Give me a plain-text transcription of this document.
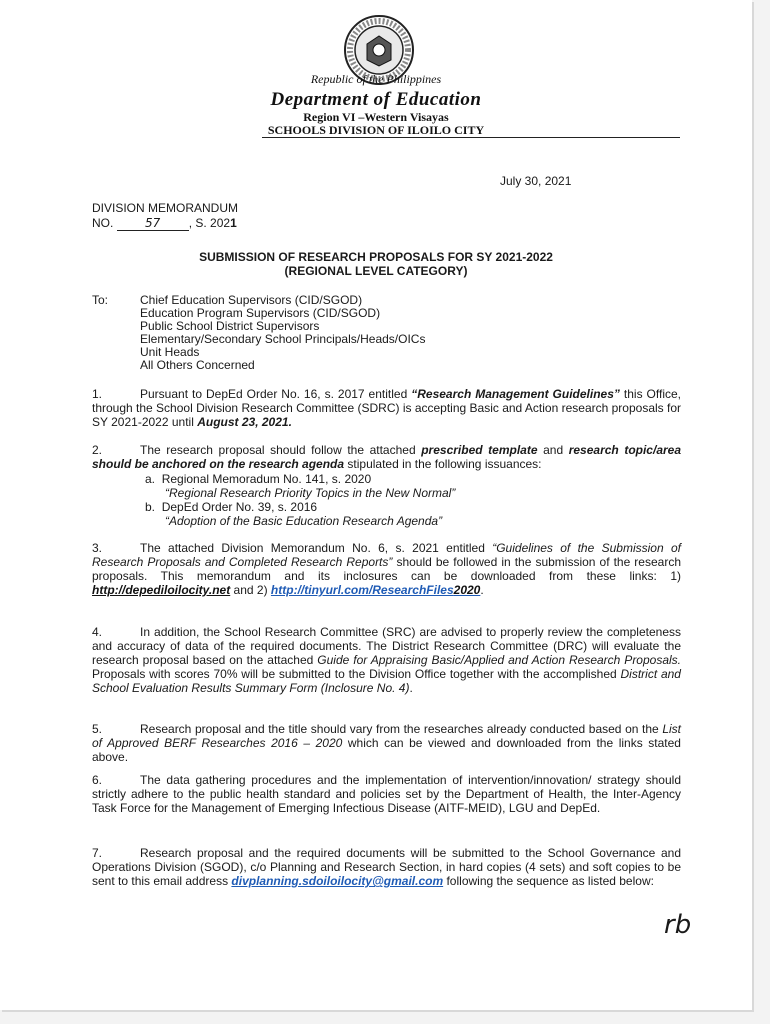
Republic of the Philippines
Department of Education
Region VI –Western Visayas
SCHOOLS DIVISION OF ILOILO CITY
July 30, 2021
DIVISION MEMORANDUM
NO.	57 , S. 2021
SUBMISSION OF RESEARCH PROPOSALS FOR SY 2021-2022
(REGIONAL LEVEL CATEGORY)
To:	Chief Education Supervisors (CID/SGOD)
Education Program Supervisors (CID/SGOD)
Public School District Supervisors
Elementary/Secondary School Principals/Heads/OICs
Unit Heads
All Others Concerned
1.	Pursuant to DepEd Order No. 16, s. 2017 entitled “Research Management Guidelines” this Office, through the School Division Research Committee (SDRC) is accepting Basic and Action research proposals for SY 2021-2022 until August 23, 2021.
2.	The research proposal should follow the attached prescribed template and research topic/area should be anchored on the research agenda stipulated in the following issuances:
a. Regional Memoradum No. 141, s. 2020
“Regional Research Priority Topics in the New Normal”
b. DepEd Order No. 39, s. 2016
“Adoption of the Basic Education Research Agenda”
3.	The attached Division Memorandum No. 6, s. 2021 entitled “Guidelines of the Submission of Research Proposals and Completed Research Reports” should be followed in the submission of the research proposals. This memorandum and its inclosures can be downloaded from these links: 1) http://depediloilocity.net and 2) http://tinyurl.com/ResearchFiles2020.
4.	In addition, the School Research Committee (SRC) are advised to properly review the completeness and accuracy of data of the required documents. The District Research Committee (DRC) will evaluate the research proposal based on the attached Guide for Appraising Basic/Applied and Action Research Proposals. Proposals with scores 70% will be submitted to the Division Office together with the accomplished District and School Evaluation Results Summary Form (Inclosure No. 4).
5.	Research proposal and the title should vary from the researches already conducted based on the List of Approved BERF Researches 2016 – 2020 which can be viewed and downloaded from the links stated above.
6.	The data gathering procedures and the implementation of intervention/innovation/ strategy should strictly adhere to the public health standard and policies set by the Department of Health, the Inter-Agency Task Force for the Management of Emerging Infectious Disease (AITF-MEID), LGU and DepEd.
7.	Research proposal and the required documents will be submitted to the School Governance and Operations Division (SGOD), c/o Planning and Research Section, in hard copies (4 sets) and soft copies to be sent to this email address divplanning.sdoiloilocity@gmail.com following the sequence as listed below:
rb
